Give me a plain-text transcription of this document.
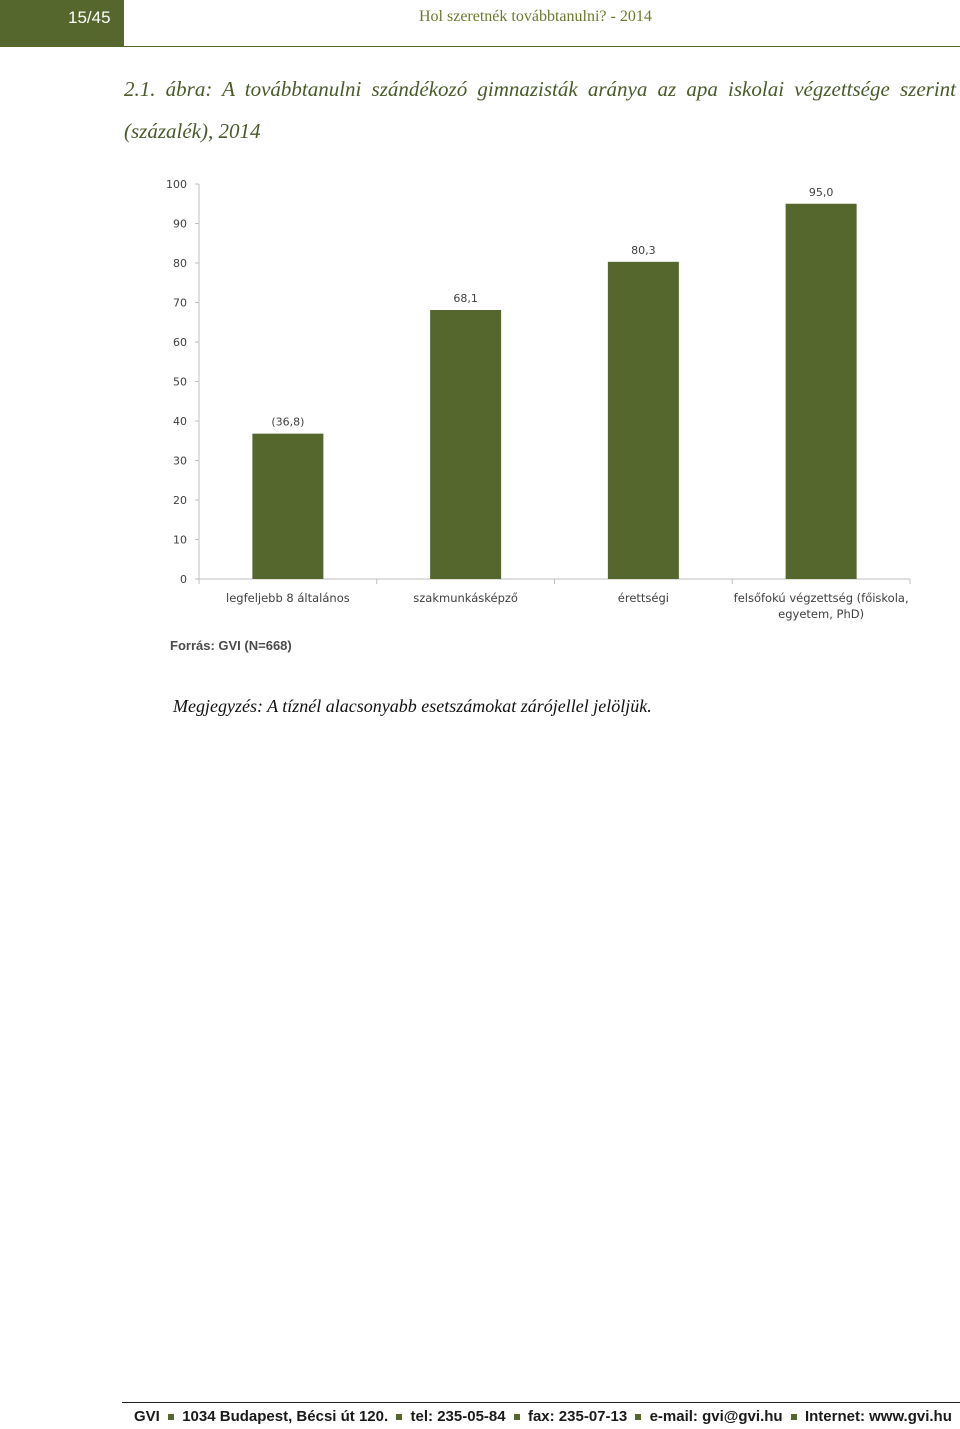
15/45	Hol szeretnék továbbtanulni? - 2014
2.1. ábra: A továbbtanulni szándékozó gimnazisták aránya az apa iskolai végzettsége szerint (százalék), 2014
0
10
20
30
40
50
60
70
80
90
100
(36,8)
legfeljebb 8 általános
68,1
szakmunkásképző
80,3
érettségi
95,0
felsőfokú végzettség (főiskola, egyetem, PhD)
Forrás: GVI (N=668)
Megjegyzés: A tíznél alacsonyabb esetszámokat zárójellel jelöljük.
GVI 1034 Budapest, Bécsi út 120. tel: 235-05-84 fax: 235-07-13 e-mail: gvi@gvi.hu Internet: www.gvi.hu
